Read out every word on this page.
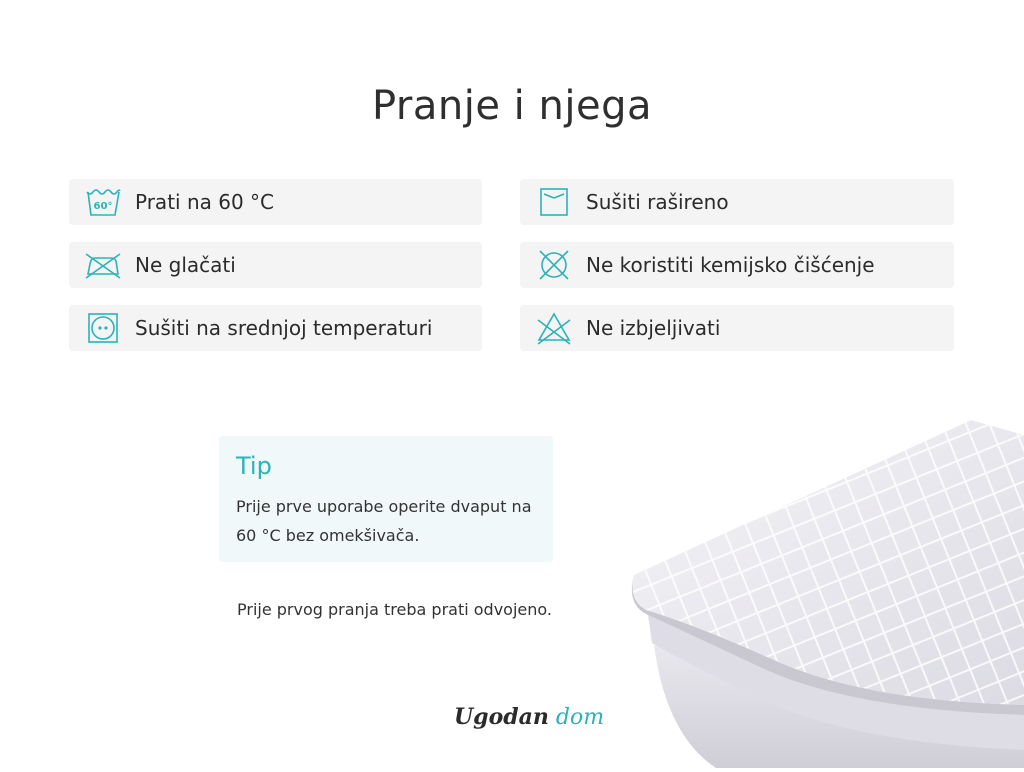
Pranje i njega
60° Prati na 60 °C
Ne glačati
Sušiti na srednjoj temperaturi
Sušiti rašireno
Ne koristiti kemijsko čišćenje
Ne izbjeljivati
Tip
Prije prve uporabe operite dvaput na 60 °C bez omekšivača.
Prije prvog pranja treba prati odvojeno.
Ugodan dom
